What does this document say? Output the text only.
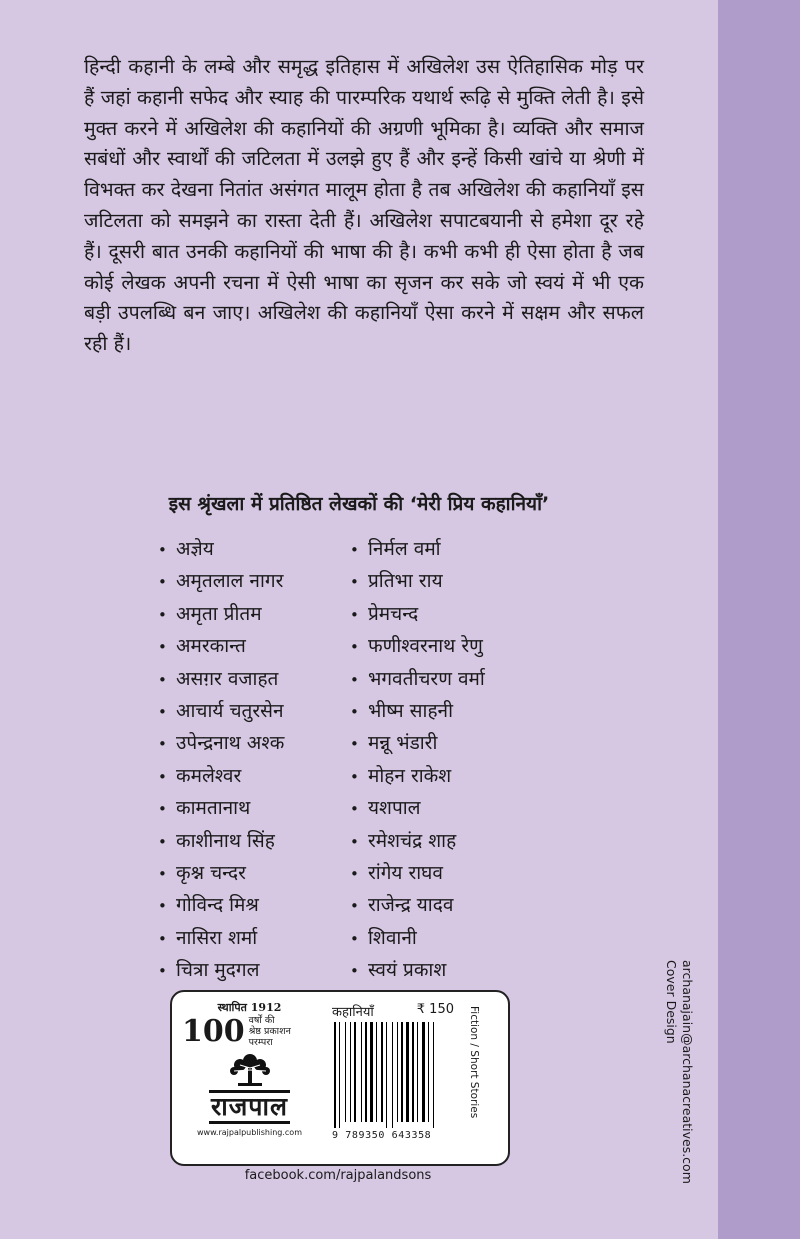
हिन्दी कहानी के लम्बे और समृद्ध इतिहास में अखिलेश उस ऐतिहासिक मोड़ पर हैं जहां कहानी सफेद और स्याह की पारम्परिक यथार्थ रूढ़ि से मुक्ति लेती है। इसे मुक्त करने में अखिलेश की कहानियों की अग्रणी भूमिका है। व्यक्ति और समाज सबंधों और स्वार्थों की जटिलता में उलझे हुए हैं और इन्हें किसी खांचे या श्रेणी में विभक्त कर देखना नितांत असंगत मालूम होता है तब अखिलेश की कहानियाँ इस जटिलता को समझने का रास्ता देती हैं। अखिलेश सपाटबयानी से हमेशा दूर रहे हैं। दूसरी बात उनकी कहानियों की भाषा की है। कभी कभी ही ऐसा होता है जब कोई लेखक अपनी रचना में ऐसी भाषा का सृजन कर सके जो स्वयं में भी एक बड़ी उपलब्धि बन जाए। अखिलेश की कहानियाँ ऐसा करने में सक्षम और सफल रही हैं।

इस श्रृंखला में प्रतिष्ठित लेखकों की ‘मेरी प्रिय कहानियाँ’

• अज्ञेय
• अमृतलाल नागर
• अमृता प्रीतम
• अमरकान्त
• असग़र वजाहत
• आचार्य चतुरसेन
• उपेन्द्रनाथ अश्क
• कमलेश्वर
• कामतानाथ
• काशीनाथ सिंह
• कृश्न चन्दर
• गोविन्द मिश्र
• नासिरा शर्मा
• चित्रा मुदगल
• निर्मल वर्मा
• प्रतिभा राय
• प्रेमचन्द
• फणीश्वरनाथ रेणु
• भगवतीचरण वर्मा
• भीष्म साहनी
• मन्नू भंडारी
• मोहन राकेश
• यशपाल
• रमेशचंद्र शाह
• रांगेय राघव
• राजेन्द्र यादव
• शिवानी
• स्वयं प्रकाश
स्थापित 1912
100 वर्षों की
श्रेष्ठ प्रकाशन परम्परा
राजपाल
www.rajpalpublishing.com
कहानियाँ	₹ 150
9 789350 643358
Fiction / Short Stories
facebook.com/rajpalandsons
Cover Design archanajain@archanacreatives.com
